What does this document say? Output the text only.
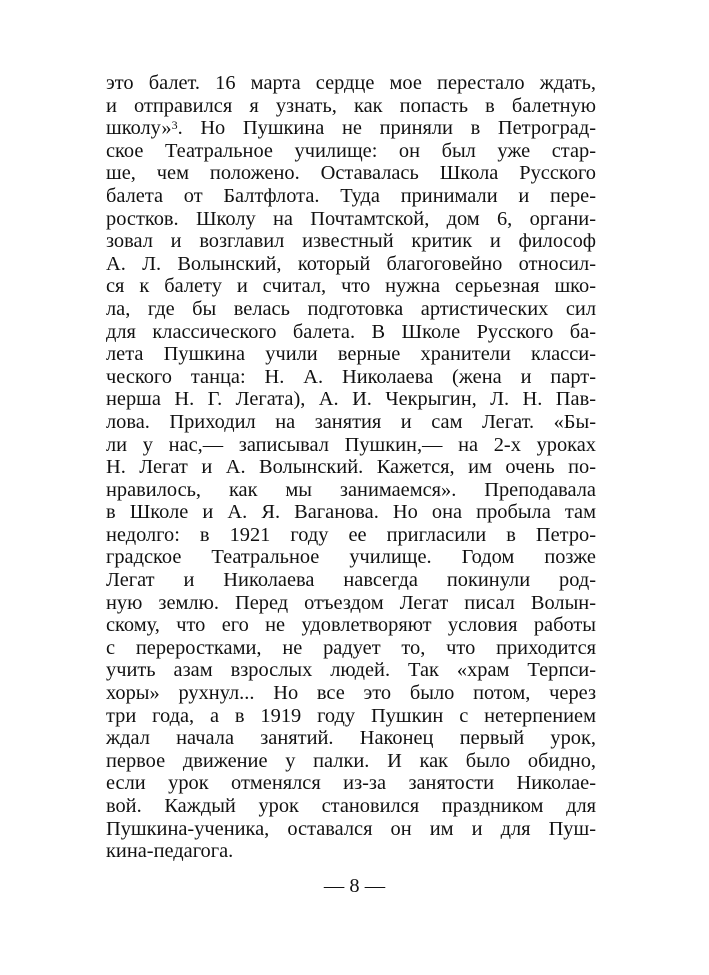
это балет. 16 марта сердце мое перестало ждать,
и отправился я узнать, как попасть в балетную
школу»$^3$. Но Пушкина не приняли в Петроград-
ское Театральное училище: он был уже стар-
ше, чем положено. Оставалась Школа Русского
балета от Балтфлота. Туда принимали и пере-
ростков. Школу на Почтамтской, дом 6, органи-
зовал и возглавил известный критик и философ
А. Л. Волынский, который благоговейно относил-
ся к балету и считал, что нужна серьезная шко-
ла, где бы велась подготовка артистических сил
для классического балета. В Школе Русского ба-
лета Пушкина учили верные хранители класси-
ческого танца: Н. А. Николаева (жена и парт-
нерша Н. Г. Легата), А. И. Чекрыгин, Л. Н. Пав-
лова. Приходил на занятия и сам Легат. «Бы-
ли у нас,— записывал Пушкин,— на 2-х уроках
Н. Легат и А. Волынский. Кажется, им очень по-
нравилось, как мы занимаемся». Преподавала
в Школе и А. Я. Ваганова. Но она пробыла там
недолго: в 1921 году ее пригласили в Петро-
градское Театральное училище. Годом позже
Легат и Николаева навсегда покинули род-
ную землю. Перед отъездом Легат писал Волын-
скому, что его не удовлетворяют условия работы
с переростками, не радует то, что приходится
учить азам взрослых людей. Так «храм Терпси-
хоры» рухнул... Но все это было потом, через
три года, а в 1919 году Пушкин с нетерпением
ждал начала занятий. Наконец первый урок,
первое движение у палки. И как было обидно,
если урок отменялся из-за занятости Николае-
вой. Каждый урок становился праздником для
Пушкина-ученика, оставался он им и для Пуш-
кина-педагога.
— 8 —
